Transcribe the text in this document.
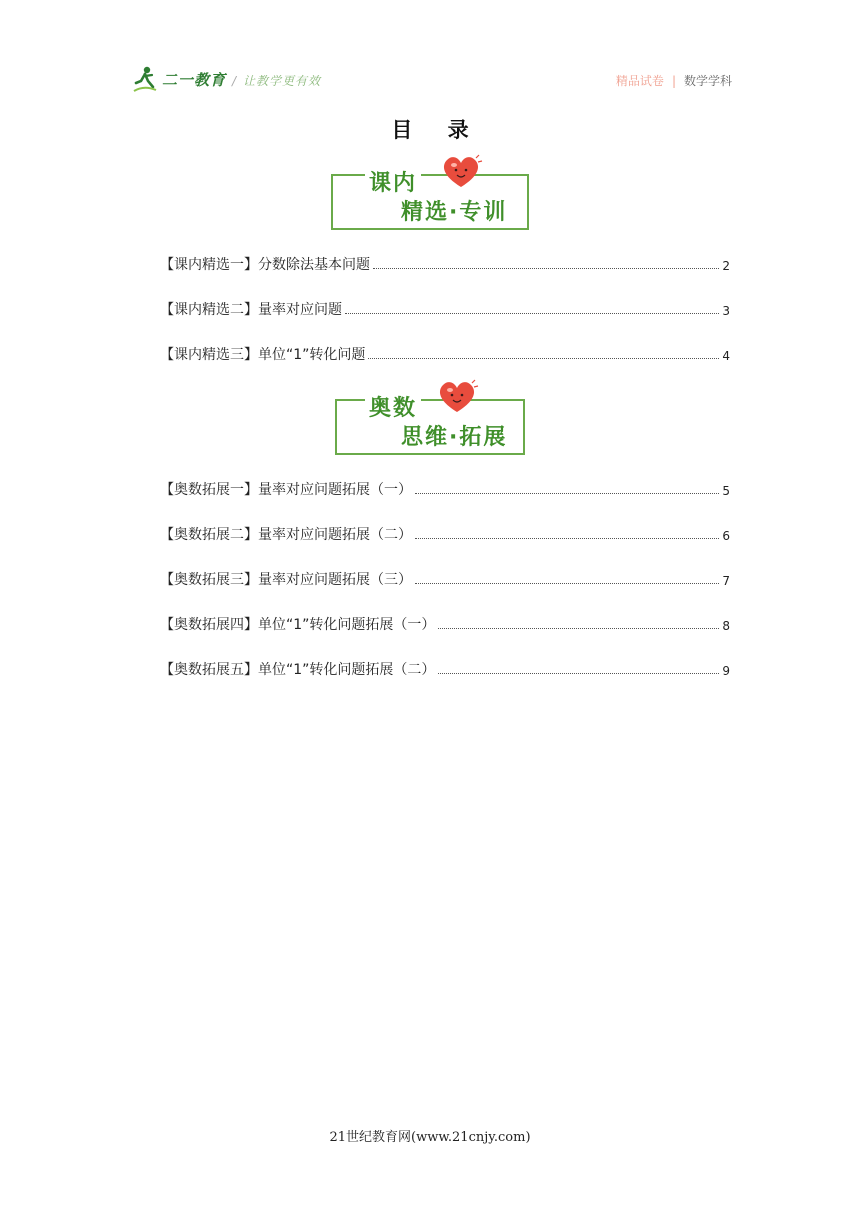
二一教育 / 让教学更有效	精品试卷 | 数学学科
目 录
课内
精选·专训
【课内精选一】分数除法基本问题	2
【课内精选二】量率对应问题	3
【课内精选三】单位“1”转化问题	4
奥数
思维·拓展
【奥数拓展一】量率对应问题拓展（一）	5
【奥数拓展二】量率对应问题拓展（二）	6
【奥数拓展三】量率对应问题拓展（三）	7
【奥数拓展四】单位“1”转化问题拓展（一）	8
【奥数拓展五】单位“1”转化问题拓展（二）	9
21世纪教育网(www.21cnjy.com)
